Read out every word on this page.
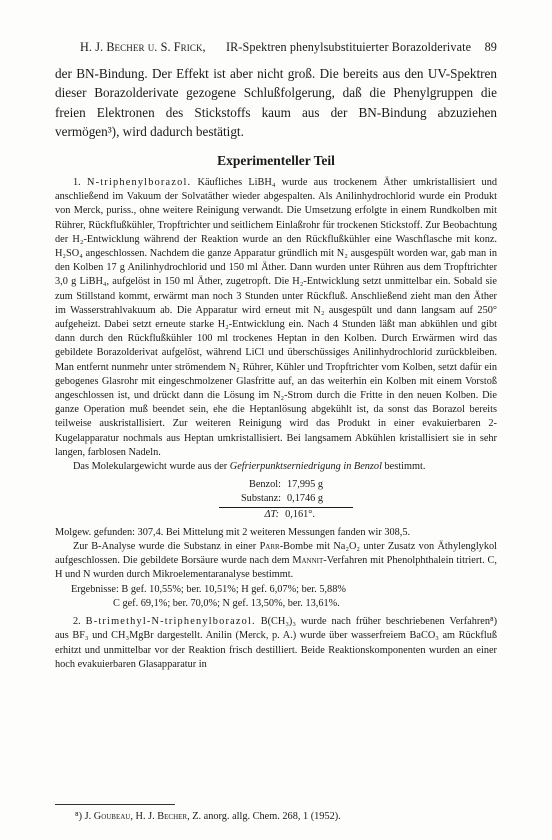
H. J. Becher u. S. Frick, IR-Spektren phenylsubstituierter Borazolderivate 89

der BN-Bindung. Der Effekt ist aber nicht groß. Die bereits aus den UV-Spektren dieser Borazolderivate gezogene Schlußfolgerung, daß die Phenylgruppen die freien Elektronen des Stickstoffs kaum aus der BN-Bindung abzuziehen vermögen³), wird dadurch bestätigt.

Experimenteller Teil

1. N-triphenylborazol. Käufliches LiBH₄ wurde aus trockenem Äther umkristallisiert und anschließend im Vakuum der Solvatäther wieder abgespalten. Als Anilinhydrochlorid wurde ein Produkt von Merck, puriss., ohne weitere Reinigung verwandt. Die Umsetzung erfolgte in einem Rundkolben mit Rührer, Rückflußkühler, Tropftrichter und seitlichem Einlaßrohr für trockenen Stickstoff. Zur Beobachtung der H₂-Entwicklung während der Reaktion wurde an den Rückflußkühler eine Waschflasche mit konz. H₂SO₄ angeschlossen. Nachdem die ganze Apparatur gründlich mit N₂ ausgespült worden war, gab man in den Kolben 17 g Anilinhydrochlorid und 150 ml Äther. Dann wurden unter Rühren aus dem Tropftrichter 3,0 g LiBH₄, aufgelöst in 150 ml Äther, zugetropft. Die H₂-Entwicklung setzt unmittelbar ein. Sobald sie zum Stillstand kommt, erwärmt man noch 3 Stunden unter Rückfluß. Anschließend zieht man den Äther im Wasserstrahlvakuum ab. Die Apparatur wird erneut mit N₂ ausgespült und dann langsam auf 250° aufgeheizt. Dabei setzt erneute starke H₂-Entwicklung ein. Nach 4 Stunden läßt man abkühlen und gibt dann durch den Rückflußkühler 100 ml trockenes Heptan in den Kolben. Durch Erwärmen wird das gebildete Borazolderivat aufgelöst, während LiCl und überschüssiges Anilinhydrochlorid zurückbleiben. Man entfernt nunmehr unter strömendem N₂ Rührer, Kühler und Tropftrichter vom Kolben, setzt dafür ein gebogenes Glasrohr mit eingeschmolzener Glasfritte auf, an das weiterhin ein Kolben mit einem Vorstoß angeschlossen ist, und drückt dann die Lösung im N₂-Strom durch die Fritte in den neuen Kolben. Die ganze Operation muß beendet sein, ehe die Heptanlösung abgekühlt ist, da sonst das Borazol bereits teilweise auskristallisiert. Zur weiteren Reinigung wird das Produkt in einer evakuierbaren 2-Kugelapparatur nochmals aus Heptan umkristallisiert. Bei langsamem Abkühlen kristallisiert sie in sehr langen, farblosen Nadeln.

Das Molekulargewicht wurde aus der Gefrierpunktserniedrigung in Benzol bestimmt.

Benzol: 17,995 g
Substanz: 0,1746 g
ΔT: 0,161°.

Molgew. gefunden: 307,4. Bei Mittelung mit 2 weiteren Messungen fanden wir 308,5.

Zur B-Analyse wurde die Substanz in einer Parr-Bombe mit Na₂O₂ unter Zusatz von Äthylenglykol aufgeschlossen. Die gebildete Borsäure wurde nach dem Mannit-Verfahren mit Phenolphthalein titriert. C, H und N wurden durch Mikroelementaranalyse bestimmt.

Ergebnisse: B gef. 10,55%; ber. 10,51%; H gef. 6,07%; ber. 5,88%
C gef. 69,1%; ber. 70,0%; N gef. 13,50%, ber. 13,61%.

2. B-trimethyl-N-triphenylborazol. B(CH₃)₃ wurde nach früher beschriebenen Verfahren⁸) aus BF₃ und CH₃MgBr dargestellt. Anilin (Merck, p. A.) wurde über wasserfreiem BaCO₃ am Rückfluß erhitzt und unmittelbar vor der Reaktion frisch destilliert. Beide Reaktionskomponenten wurden an einer hoch evakuierbaren Glasapparatur in

⁸) J. Goubeau, H. J. Becher, Z. anorg. allg. Chem. 268, 1 (1952).
